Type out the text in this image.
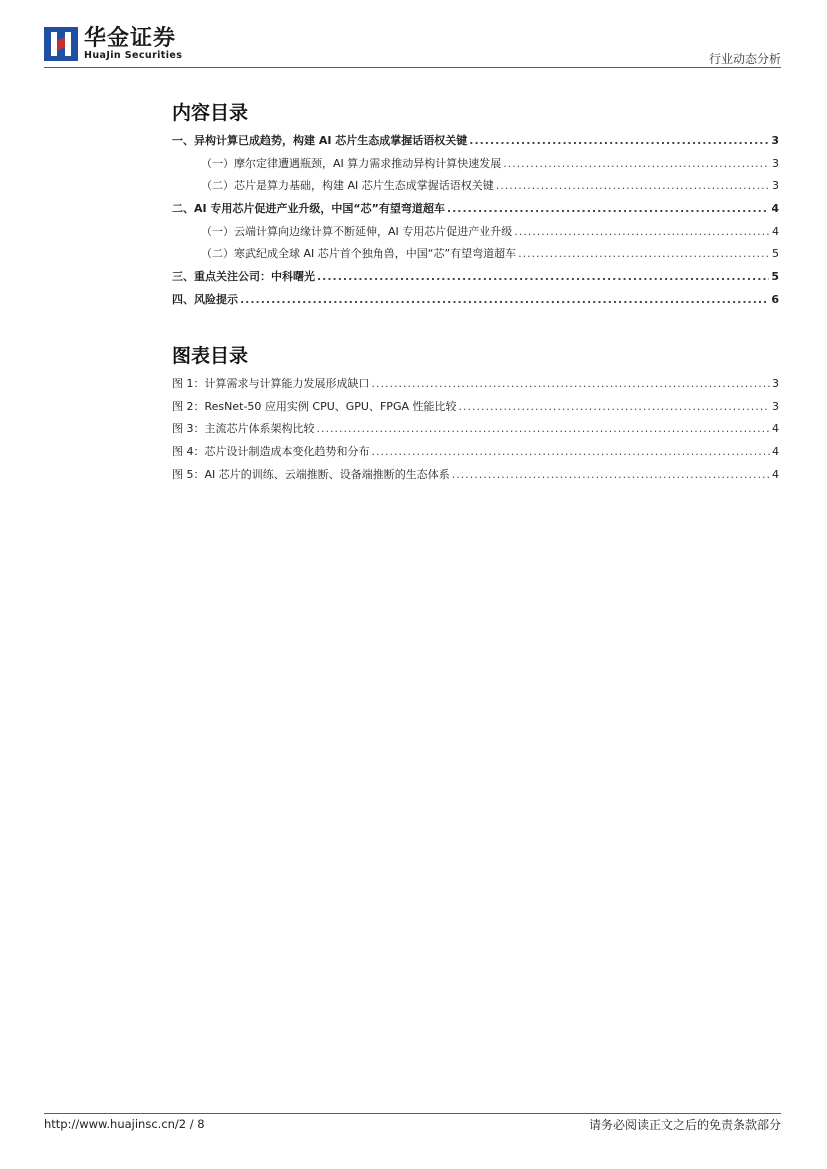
华金证券
HuaJin Securities	行业动态分析
内容目录
一、异构计算已成趋势，构建 AI 芯片生态成掌握话语权关键 .....	3
（一）摩尔定律遭遇瓶颈，AI 算力需求推动异构计算快速发展 .....	3
（二）芯片是算力基础，构建 AI 芯片生态成掌握话语权关键 .....	3
二、AI 专用芯片促进产业升级，中国“芯”有望弯道超车 .....	4
（一）云端计算向边缘计算不断延伸，AI 专用芯片促进产业升级 .....	4
（二）寒武纪成全球 AI 芯片首个独角兽，中国“芯”有望弯道超车 .....	5
三、重点关注公司：中科曙光 .....	5
四、风险提示 .....	6
图表目录
图 1：计算需求与计算能力发展形成缺口 .....	3
图 2：ResNet-50 应用实例 CPU、GPU、FPGA 性能比较 .....	3
图 3：主流芯片体系架构比较 .....	4
图 4：芯片设计制造成本变化趋势和分布 .....	4
图 5：AI 芯片的训练、云端推断、设备端推断的生态体系 .....	4
http://www.huajinsc.cn/2 / 8	请务必阅读正文之后的免责条款部分
